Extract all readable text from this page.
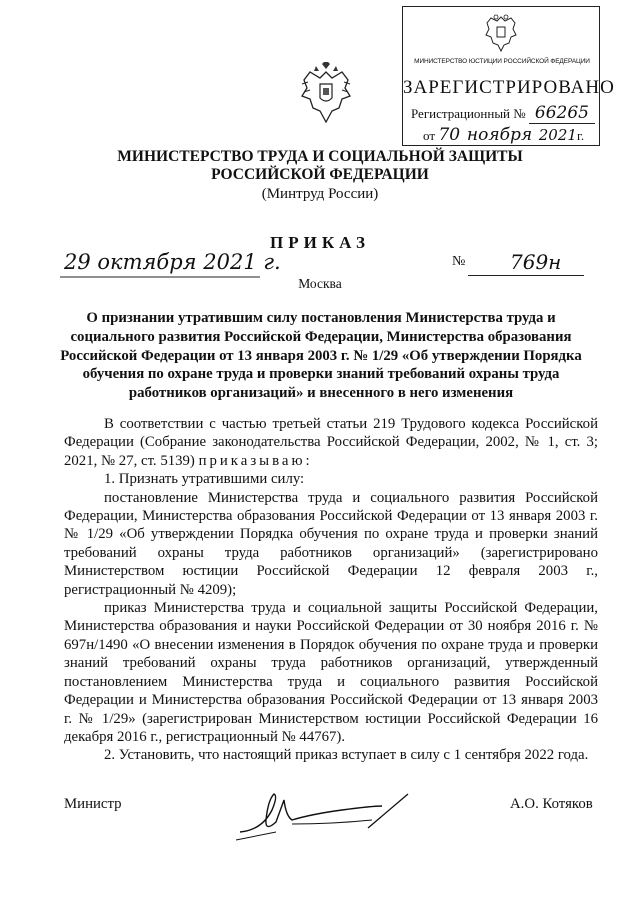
МИНИСТЕРСТВО ЮСТИЦИИ РОССИЙСКОЙ ФЕДЕРАЦИИ
ЗАРЕГИСТРИРОВАНО
Регистрационный № 66265
от 70 ноября 2021г.
МИНИСТЕРСТВО ТРУДА И СОЦИАЛЬНОЙ ЗАЩИТЫ
РОССИЙСКОЙ ФЕДЕРАЦИИ
(Минтруд России)
ПРИКАЗ
29 октября 2021 г.
Москва
№ 769н
О признании утратившим силу постановления Министерства труда и социального развития Российской Федерации, Министерства образования Российской Федерации от 13 января 2003 г. № 1/29 «Об утверждении Порядка обучения по охране труда и проверки знаний требований охраны труда работников организаций» и внесенного в него изменения

В соответствии с частью третьей статьи 219 Трудового кодекса Российской Федерации (Собрание законодательства Российской Федерации, 2002, № 1, ст. 3; 2021, № 27, ст. 5139) приказываю:

1. Признать утратившими силу:

постановление Министерства труда и социального развития Российской Федерации, Министерства образования Российской Федерации от 13 января 2003 г. № 1/29 «Об утверждении Порядка обучения по охране труда и проверки знаний требований охраны труда работников организаций» (зарегистрировано Министерством юстиции Российской Федерации 12 февраля 2003 г., регистрационный № 4209);

приказ Министерства труда и социальной защиты Российской Федерации, Министерства образования и науки Российской Федерации от 30 ноября 2016 г. № 697н/1490 «О внесении изменения в Порядок обучения по охране труда и проверки знаний требований охраны труда работников организаций, утвержденный постановлением Министерства труда и социального развития Российской Федерации и Министерства образования Российской Федерации от 13 января 2003 г. № 1/29» (зарегистрирован Министерством юстиции Российской Федерации 16 декабря 2016 г., регистрационный № 44767).

2. Установить, что настоящий приказ вступает в силу с 1 сентября 2022 года.

Министр	А.О. Котяков
